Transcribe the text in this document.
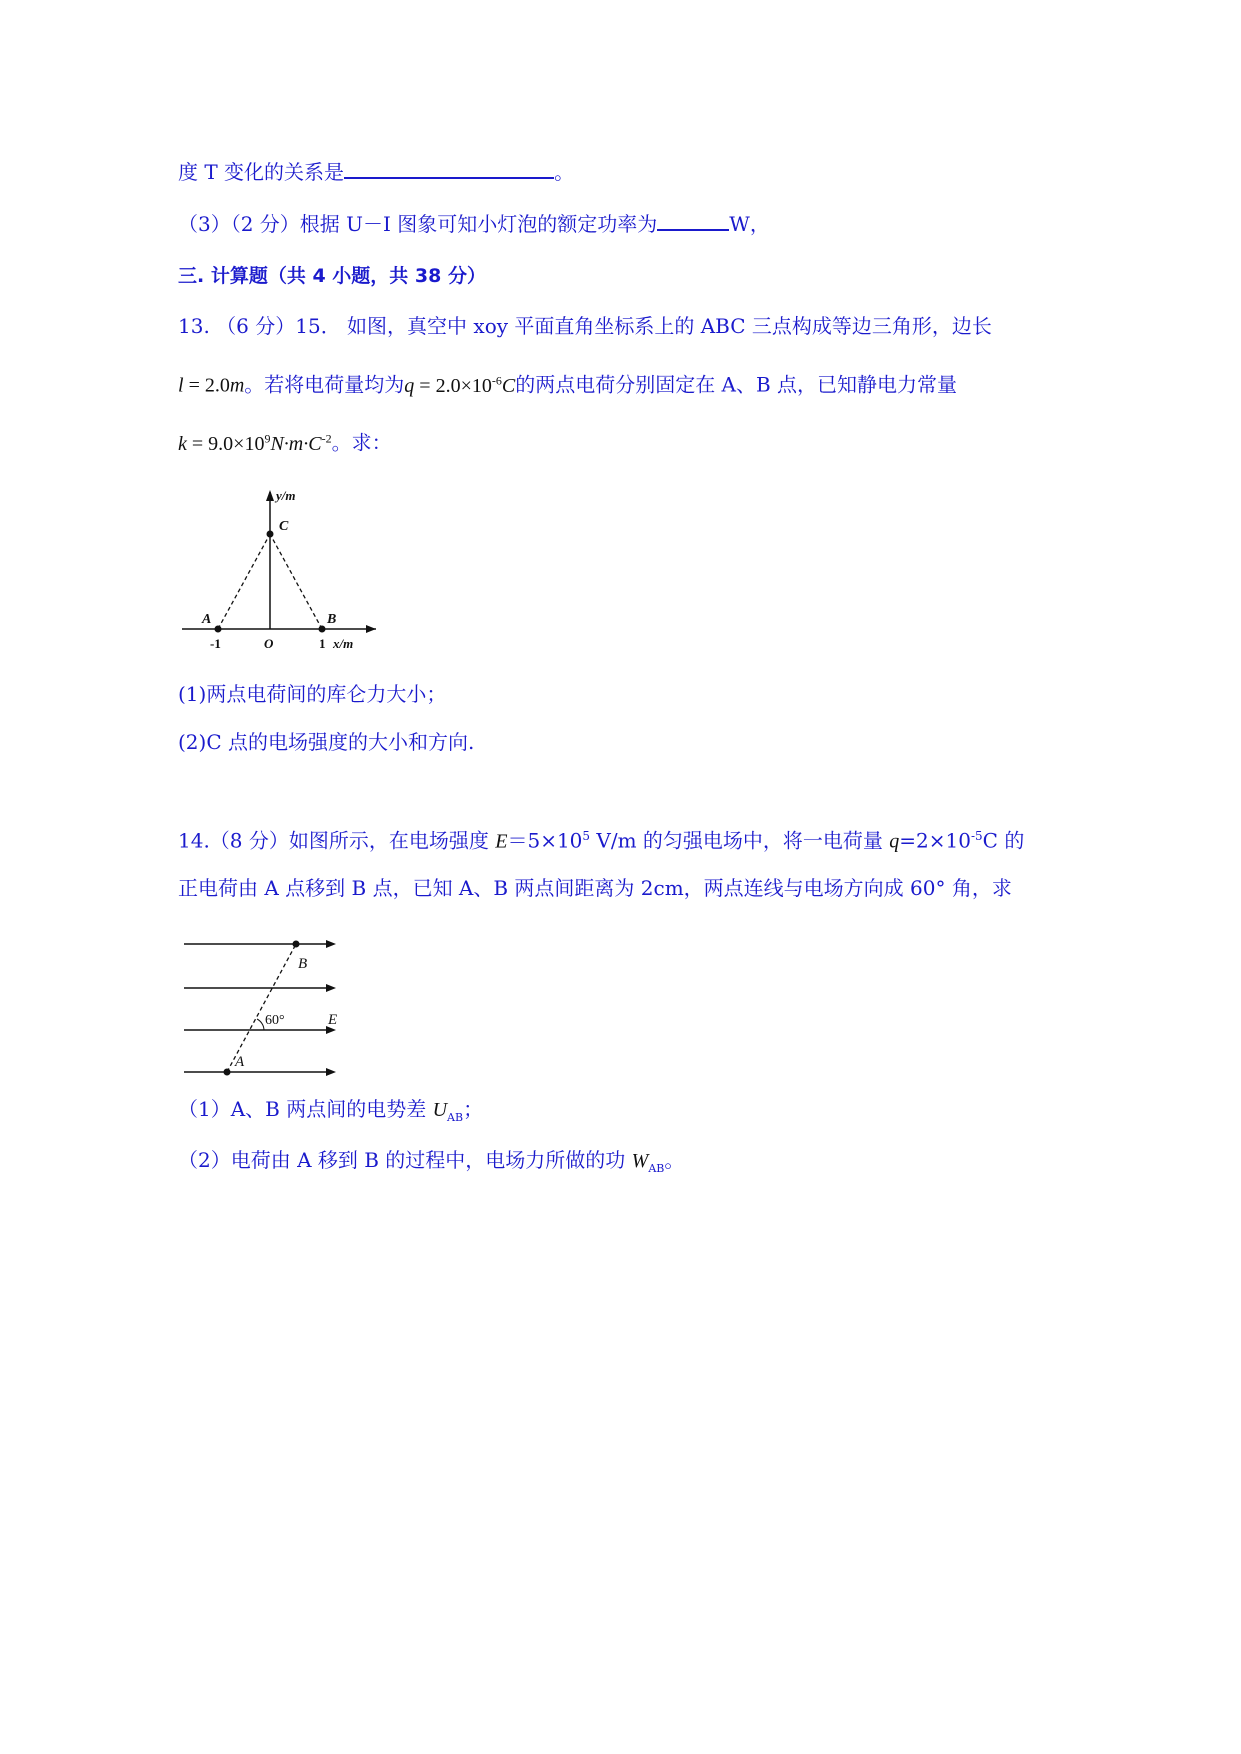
度 T 变化的关系是	。
（3）（2 分）根据 U－I 图象可知小灯泡的额定功率为	W，
三. 计算题（共 4 小题，共 38 分）
13. （6 分）15． 如图，真空中 xoy 平面直角坐标系上的 ABC 三点构成等边三角形，边长
l = 2.0m。若将电荷量均为$q = 2.0\times 10^{-6}C$的两点电荷分别固定在 A、B 点，已知静电力常量
$k = 9.0\times 10^9N\cdot m\cdot C^{-2}$。求：
y/m
C
A	B
-1	O	1 x/m
(1)两点电荷间的库仑力大小；
(2)C 点的电场强度的大小和方向.
14.（8 分）如图所示，在电场强度 $E=5\times 10^5$ V/m 的匀强电场中，将一电荷量 $q=2\times 10^{-5}C$ 的
正电荷由 A 点移到 B 点，已知 A、B 两点间距离为 2cm，两点连线与电场方向成 60° 角，求
B
A
60°	E
（1）A、B 两点间的电势差 $U_{AB}$；
（2）电荷由 A 移到 B 的过程中，电场力所做的功 $W_{AB}$。
